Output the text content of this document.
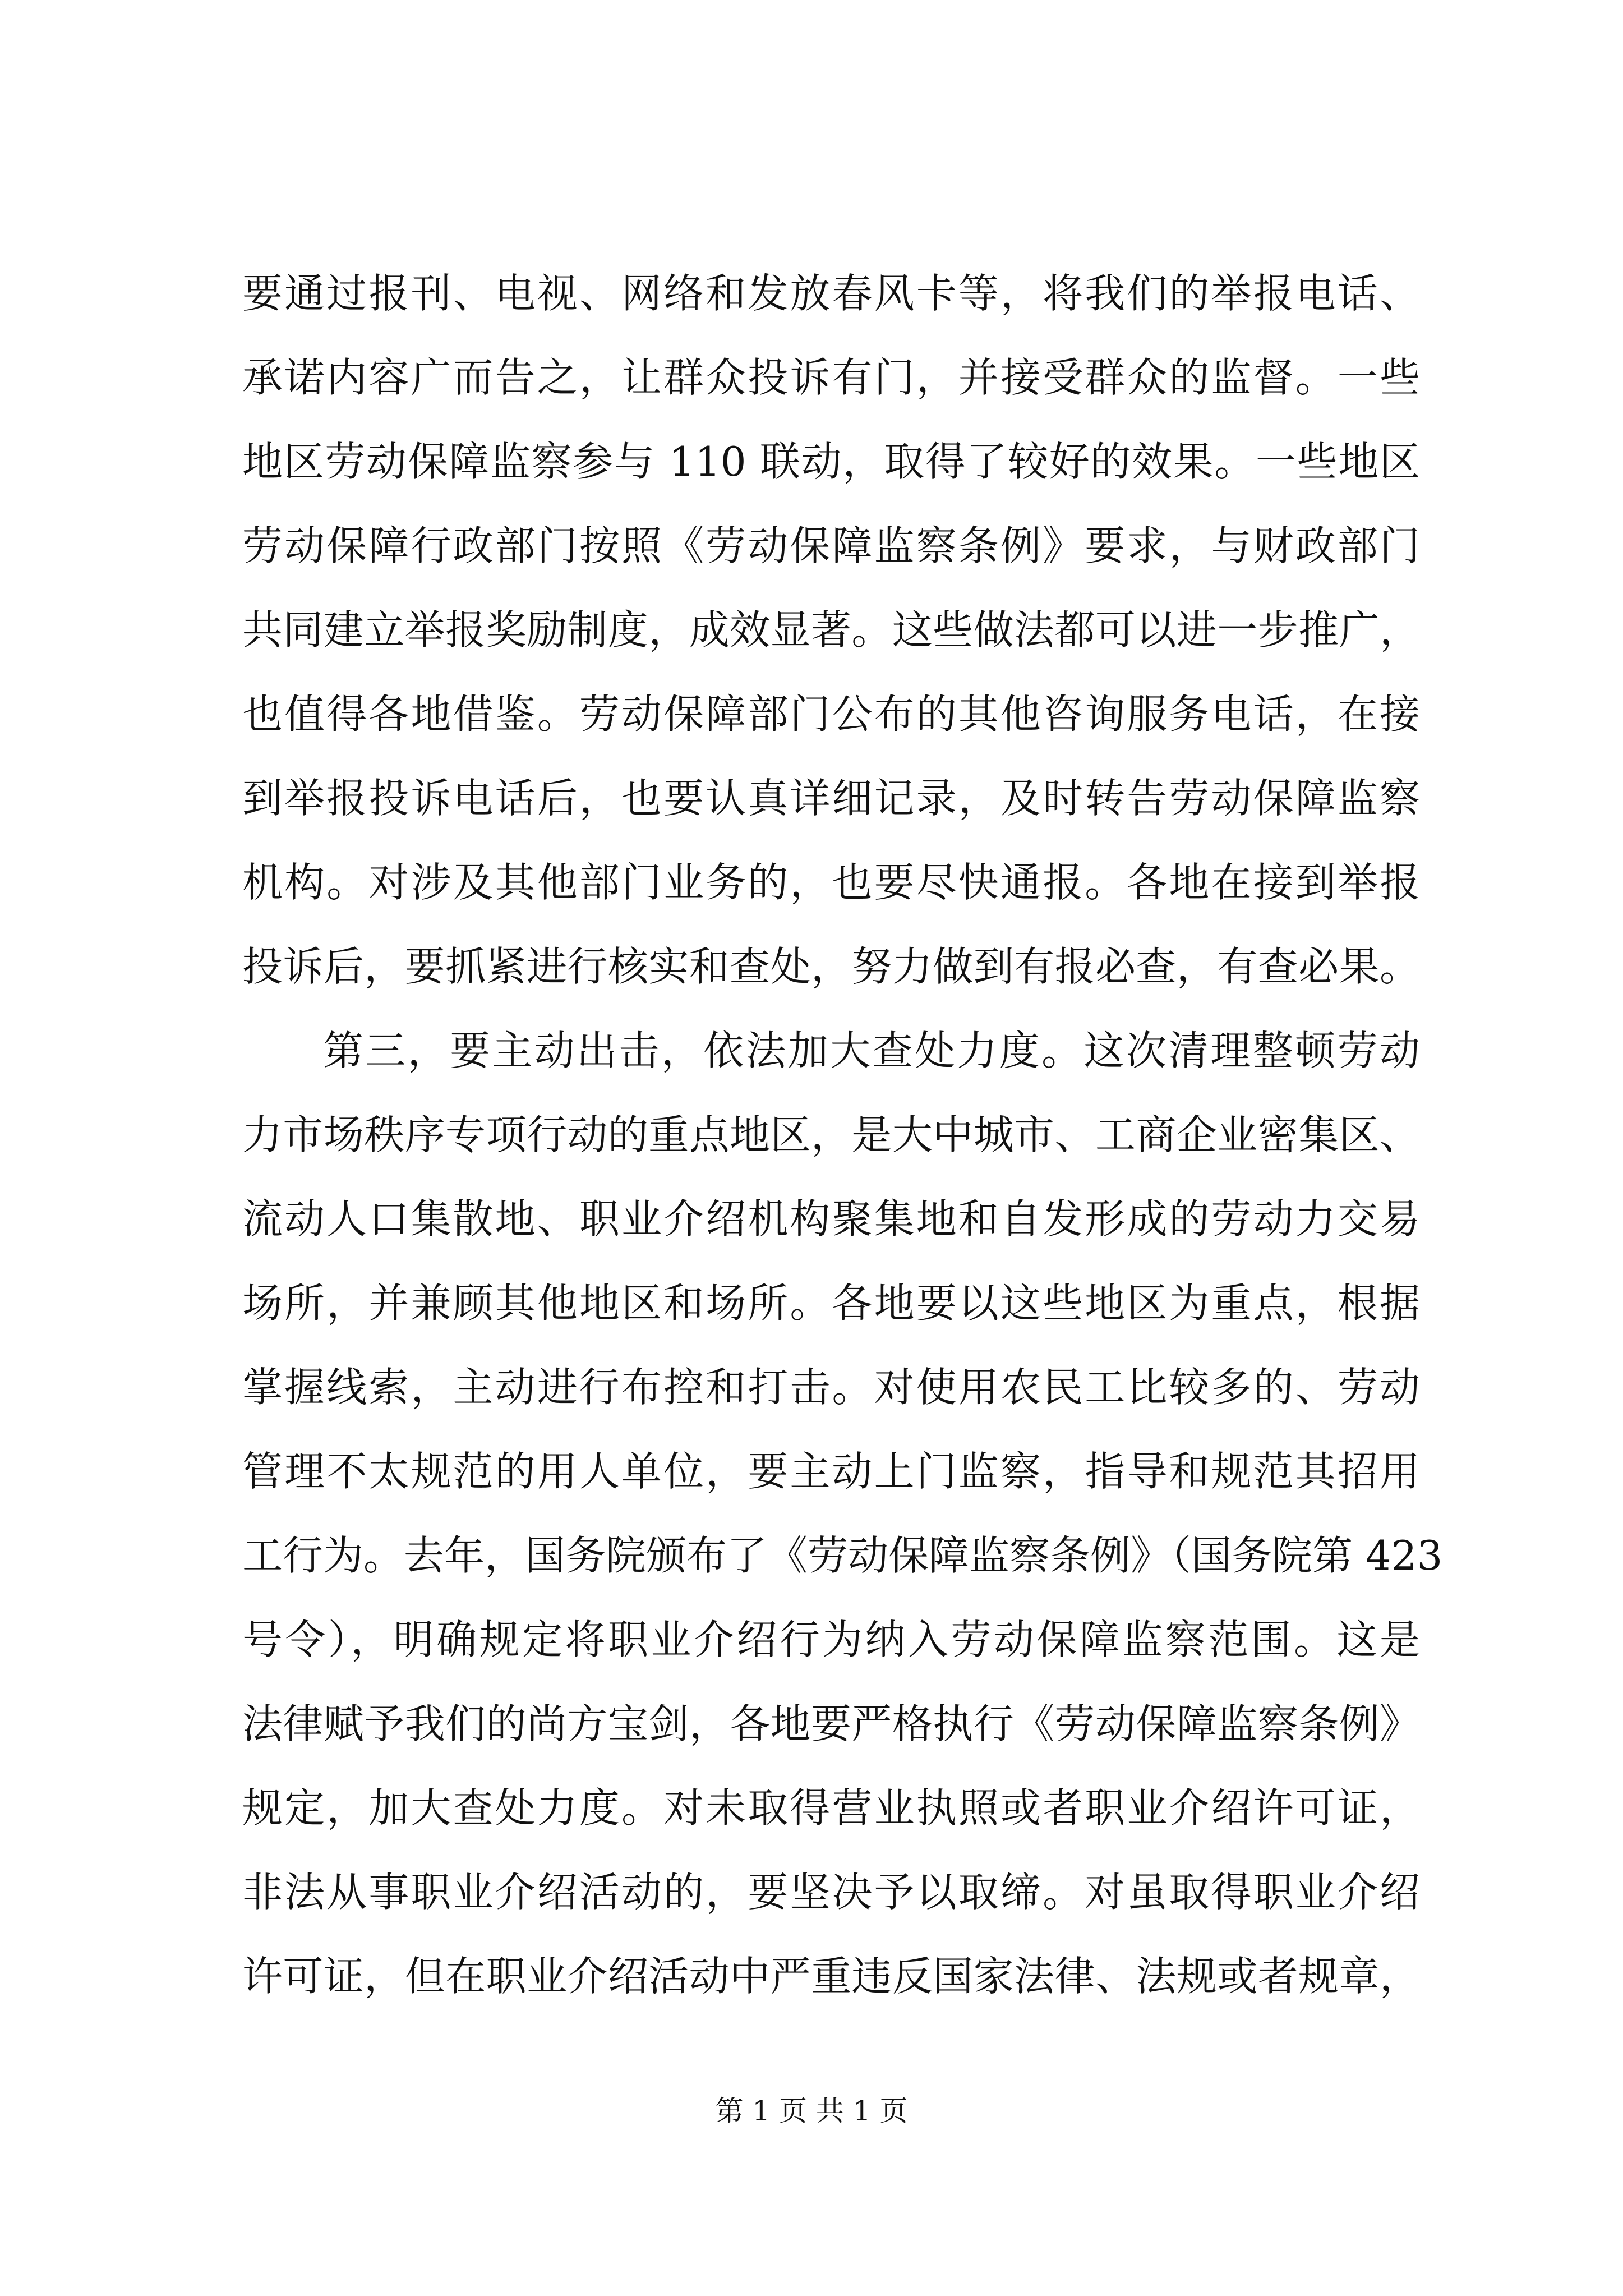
要通过报刊、电视、网络和发放春风卡等，将我们的举报电话、
承诺内容广而告之，让群众投诉有门，并接受群众的监督。一些
地区劳动保障监察参与 110 联动，取得了较好的效果。一些地区
劳动保障行政部门按照《劳动保障监察条例》要求，与财政部门
共同建立举报奖励制度，成效显著。这些做法都可以进一步推广，
也值得各地借鉴。劳动保障部门公布的其他咨询服务电话，在接
到举报投诉电话后，也要认真详细记录，及时转告劳动保障监察
机构。对涉及其他部门业务的，也要尽快通报。各地在接到举报
投诉后，要抓紧进行核实和查处，努力做到有报必查，有查必果。
第三，要主动出击，依法加大查处力度。这次清理整顿劳动
力市场秩序专项行动的重点地区，是大中城市、工商企业密集区、
流动人口集散地、职业介绍机构聚集地和自发形成的劳动力交易
场所，并兼顾其他地区和场所。各地要以这些地区为重点，根据
掌握线索，主动进行布控和打击。对使用农民工比较多的、劳动
管理不太规范的用人单位，要主动上门监察，指导和规范其招用
工行为。去年，国务院颁布了《劳动保障监察条例》（国务院第 423
号令），明确规定将职业介绍行为纳入劳动保障监察范围。这是
法律赋予我们的尚方宝剑，各地要严格执行《劳动保障监察条例》
规定，加大查处力度。对未取得营业执照或者职业介绍许可证，
非法从事职业介绍活动的，要坚决予以取缔。对虽取得职业介绍
许可证，但在职业介绍活动中严重违反国家法律、法规或者规章，
第 1 页 共 1 页
